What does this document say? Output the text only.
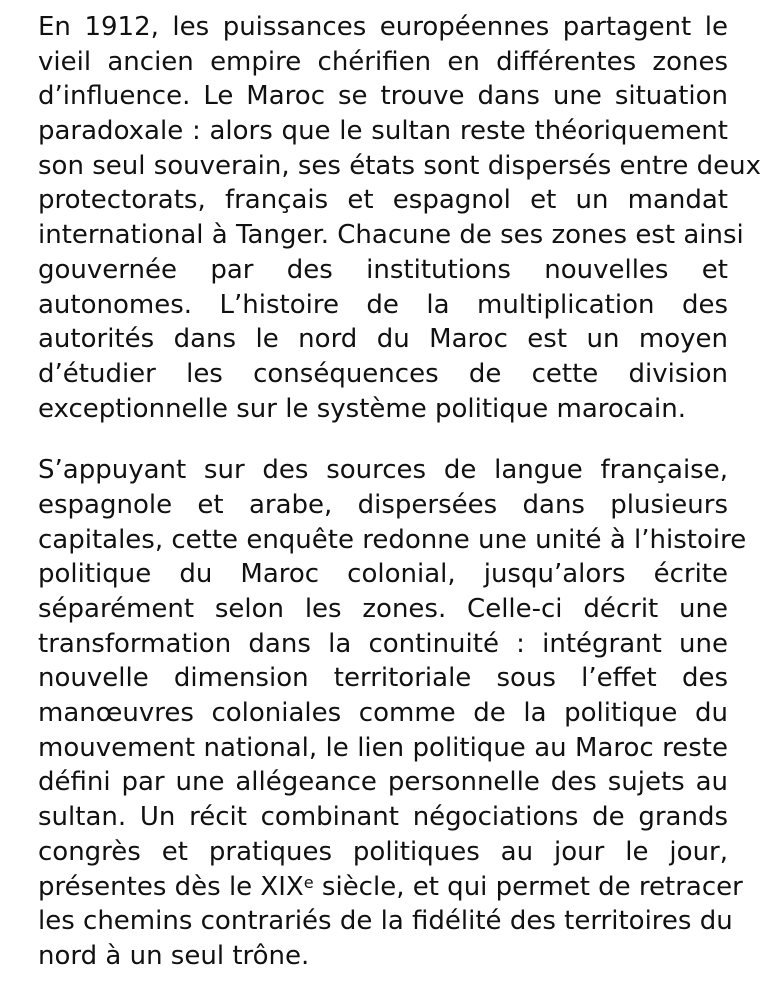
En 1912, les puissances européennes partagent le
vieil ancien empire chérifien en différentes zones
d’influence. Le Maroc se trouve dans une situation
paradoxale : alors que le sultan reste théoriquement
son seul souverain, ses états sont dispersés entre deux
protectorats, français et espagnol et un mandat
international à Tanger. Chacune de ses zones est ainsi
gouvernée par des institutions nouvelles et
autonomes. L’histoire de la multiplication des
autorités dans le nord du Maroc est un moyen
d’étudier les conséquences de cette division
exceptionnelle sur le système politique marocain.

S’appuyant sur des sources de langue française,
espagnole et arabe, dispersées dans plusieurs
capitales, cette enquête redonne une unité à l’histoire
politique du Maroc colonial, jusqu’alors écrite
séparément selon les zones. Celle-ci décrit une
transformation dans la continuité : intégrant une
nouvelle dimension territoriale sous l’effet des
manœuvres coloniales comme de la politique du
mouvement national, le lien politique au Maroc reste
défini par une allégeance personnelle des sujets au
sultan. Un récit combinant négociations de grands
congrès et pratiques politiques au jour le jour,
présentes dès le XIXe siècle, et qui permet de retracer
les chemins contrariés de la fidélité des territoires du
nord à un seul trône.
